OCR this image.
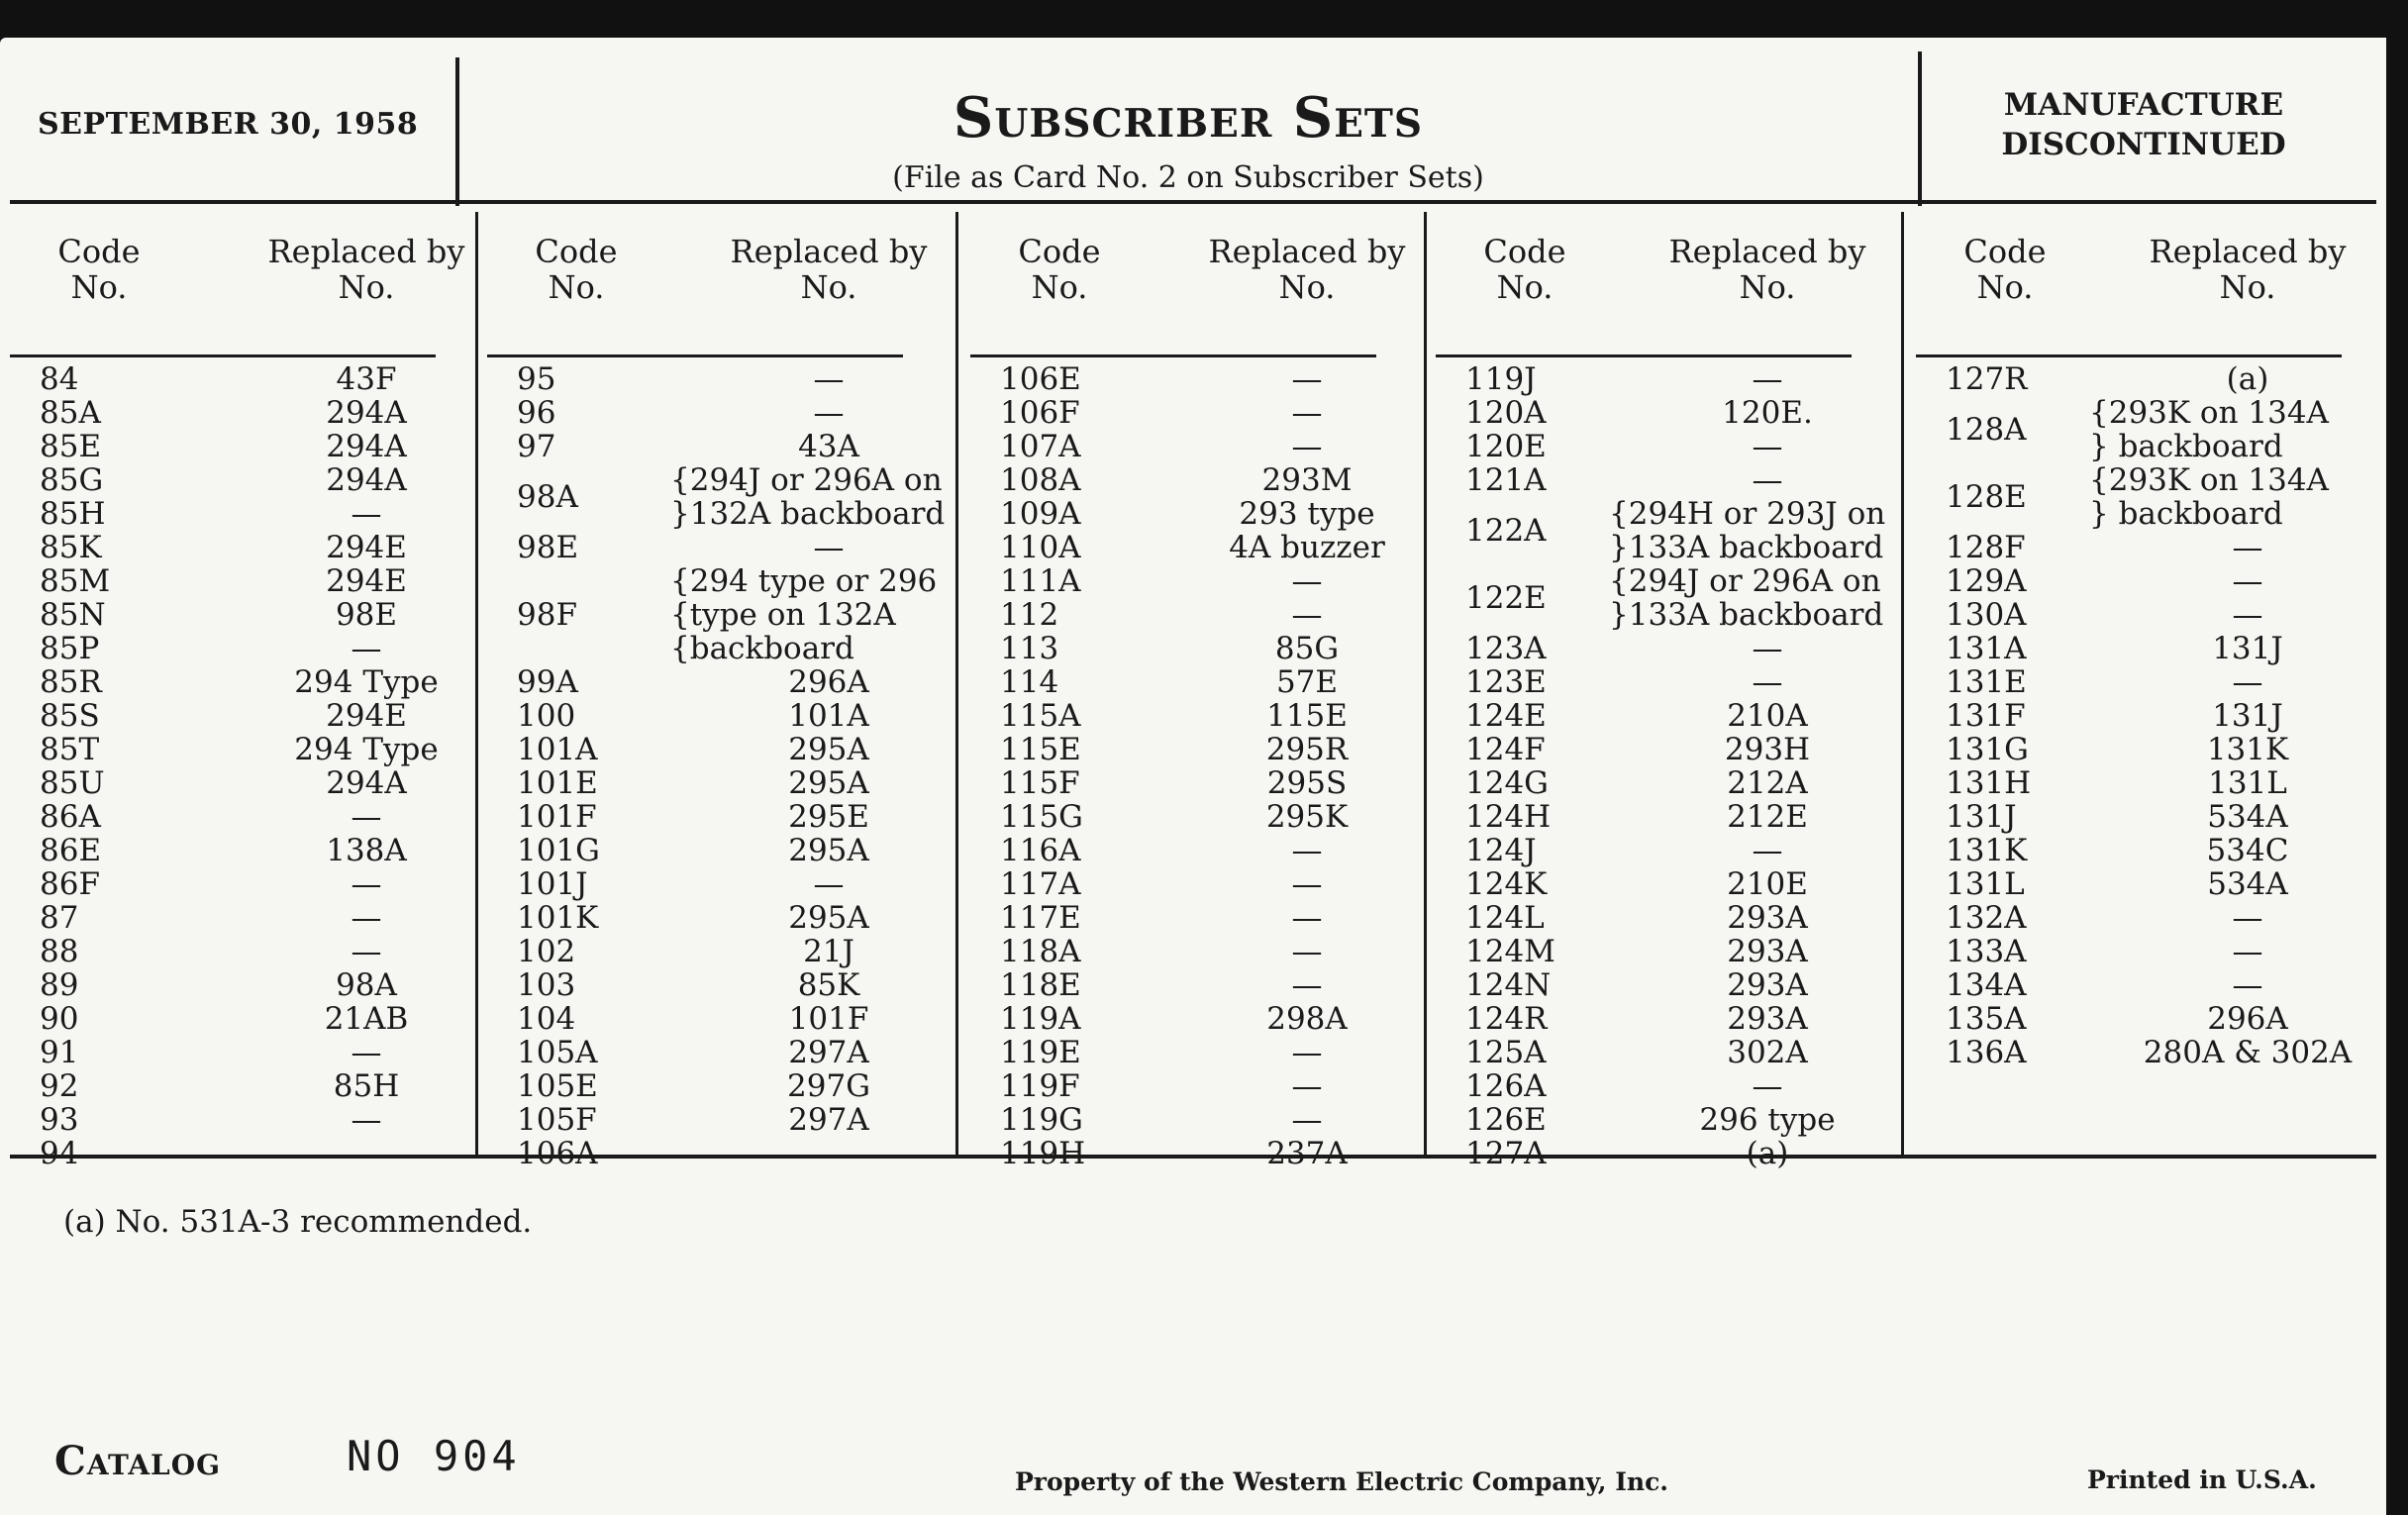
SEPTEMBER 30, 1958	Subscriber Sets
(File as Card No. 2 on Subscriber Sets)
MANUFACTURE
DISCONTINUED
Code
No.
Replaced by
No.
84	43F
85A	294A
85E	294A
85G	294A
85H	—
85K	294E
85M	294E
85N	98E
85P	—
85R	294 Type
85S	294E
85T	294 Type
85U	294A
86A	—
86E	138A
86F	—
87	—
88	—
89	98A
90	21AB
91	—
92	85H
93	—
94	—
Code
No.
Replaced by
No.
95	—
96	—
97	43A
98A	{294J or 296A on
}132A backboard
98E	—
98F
{294 type or 296
{type on 132A
{backboard
99A	296A
100	101A
101A	295A
101E	295A
101F	295E
101G	295A
101J	—
101K	295A
102	21J
103	85K
104	101F
105A	297A
105E	297G
105F	297A
106A	—
Code
No.
Replaced by
No.
106E	—
106F	—
107A	—
108A	293M
109A	293 type
110A	4A buzzer
111A	—
112	—
113	85G
114	57E
115A	115E
115E	295R
115F	295S
115G	295K
116A	—
117A	—
117E	—
118A	—
118E	—
119A	298A
119E	—
119F	—
119G	—
119H	237A
Code
No.
Replaced by
No.
119J	—
120A	120E.
120E	—
121A	—
122A {294H or 293J on
}133A backboard
122E {294J or 296A on
}133A backboard
123A	—
123E	—
124E	210A
124F	293H
124G	212A
124H	212E
124J	—
124K	210E
124L	293A
124M	293A
124N	293A
124R	293A
125A	302A
126A	—
126E	296 type
127A	(a)
Code
No.
Replaced by
No.
127R	(a)
128A {293K on 134A
} backboard
128E {293K on 134A
} backboard
128F	—
129A	—
130A	—
131A	131J
131E	—
131F	131J
131G	131K
131H	131L
131J	534A
131K	534C
131L	534A
132A	—
133A	—
134A	—
135A	296A
136A	280A & 302A
(a) No. 531A-3 recommended.
Catalog	NO 904
Property of the Western Electric Company, Inc.	Printed in U.S.A.
